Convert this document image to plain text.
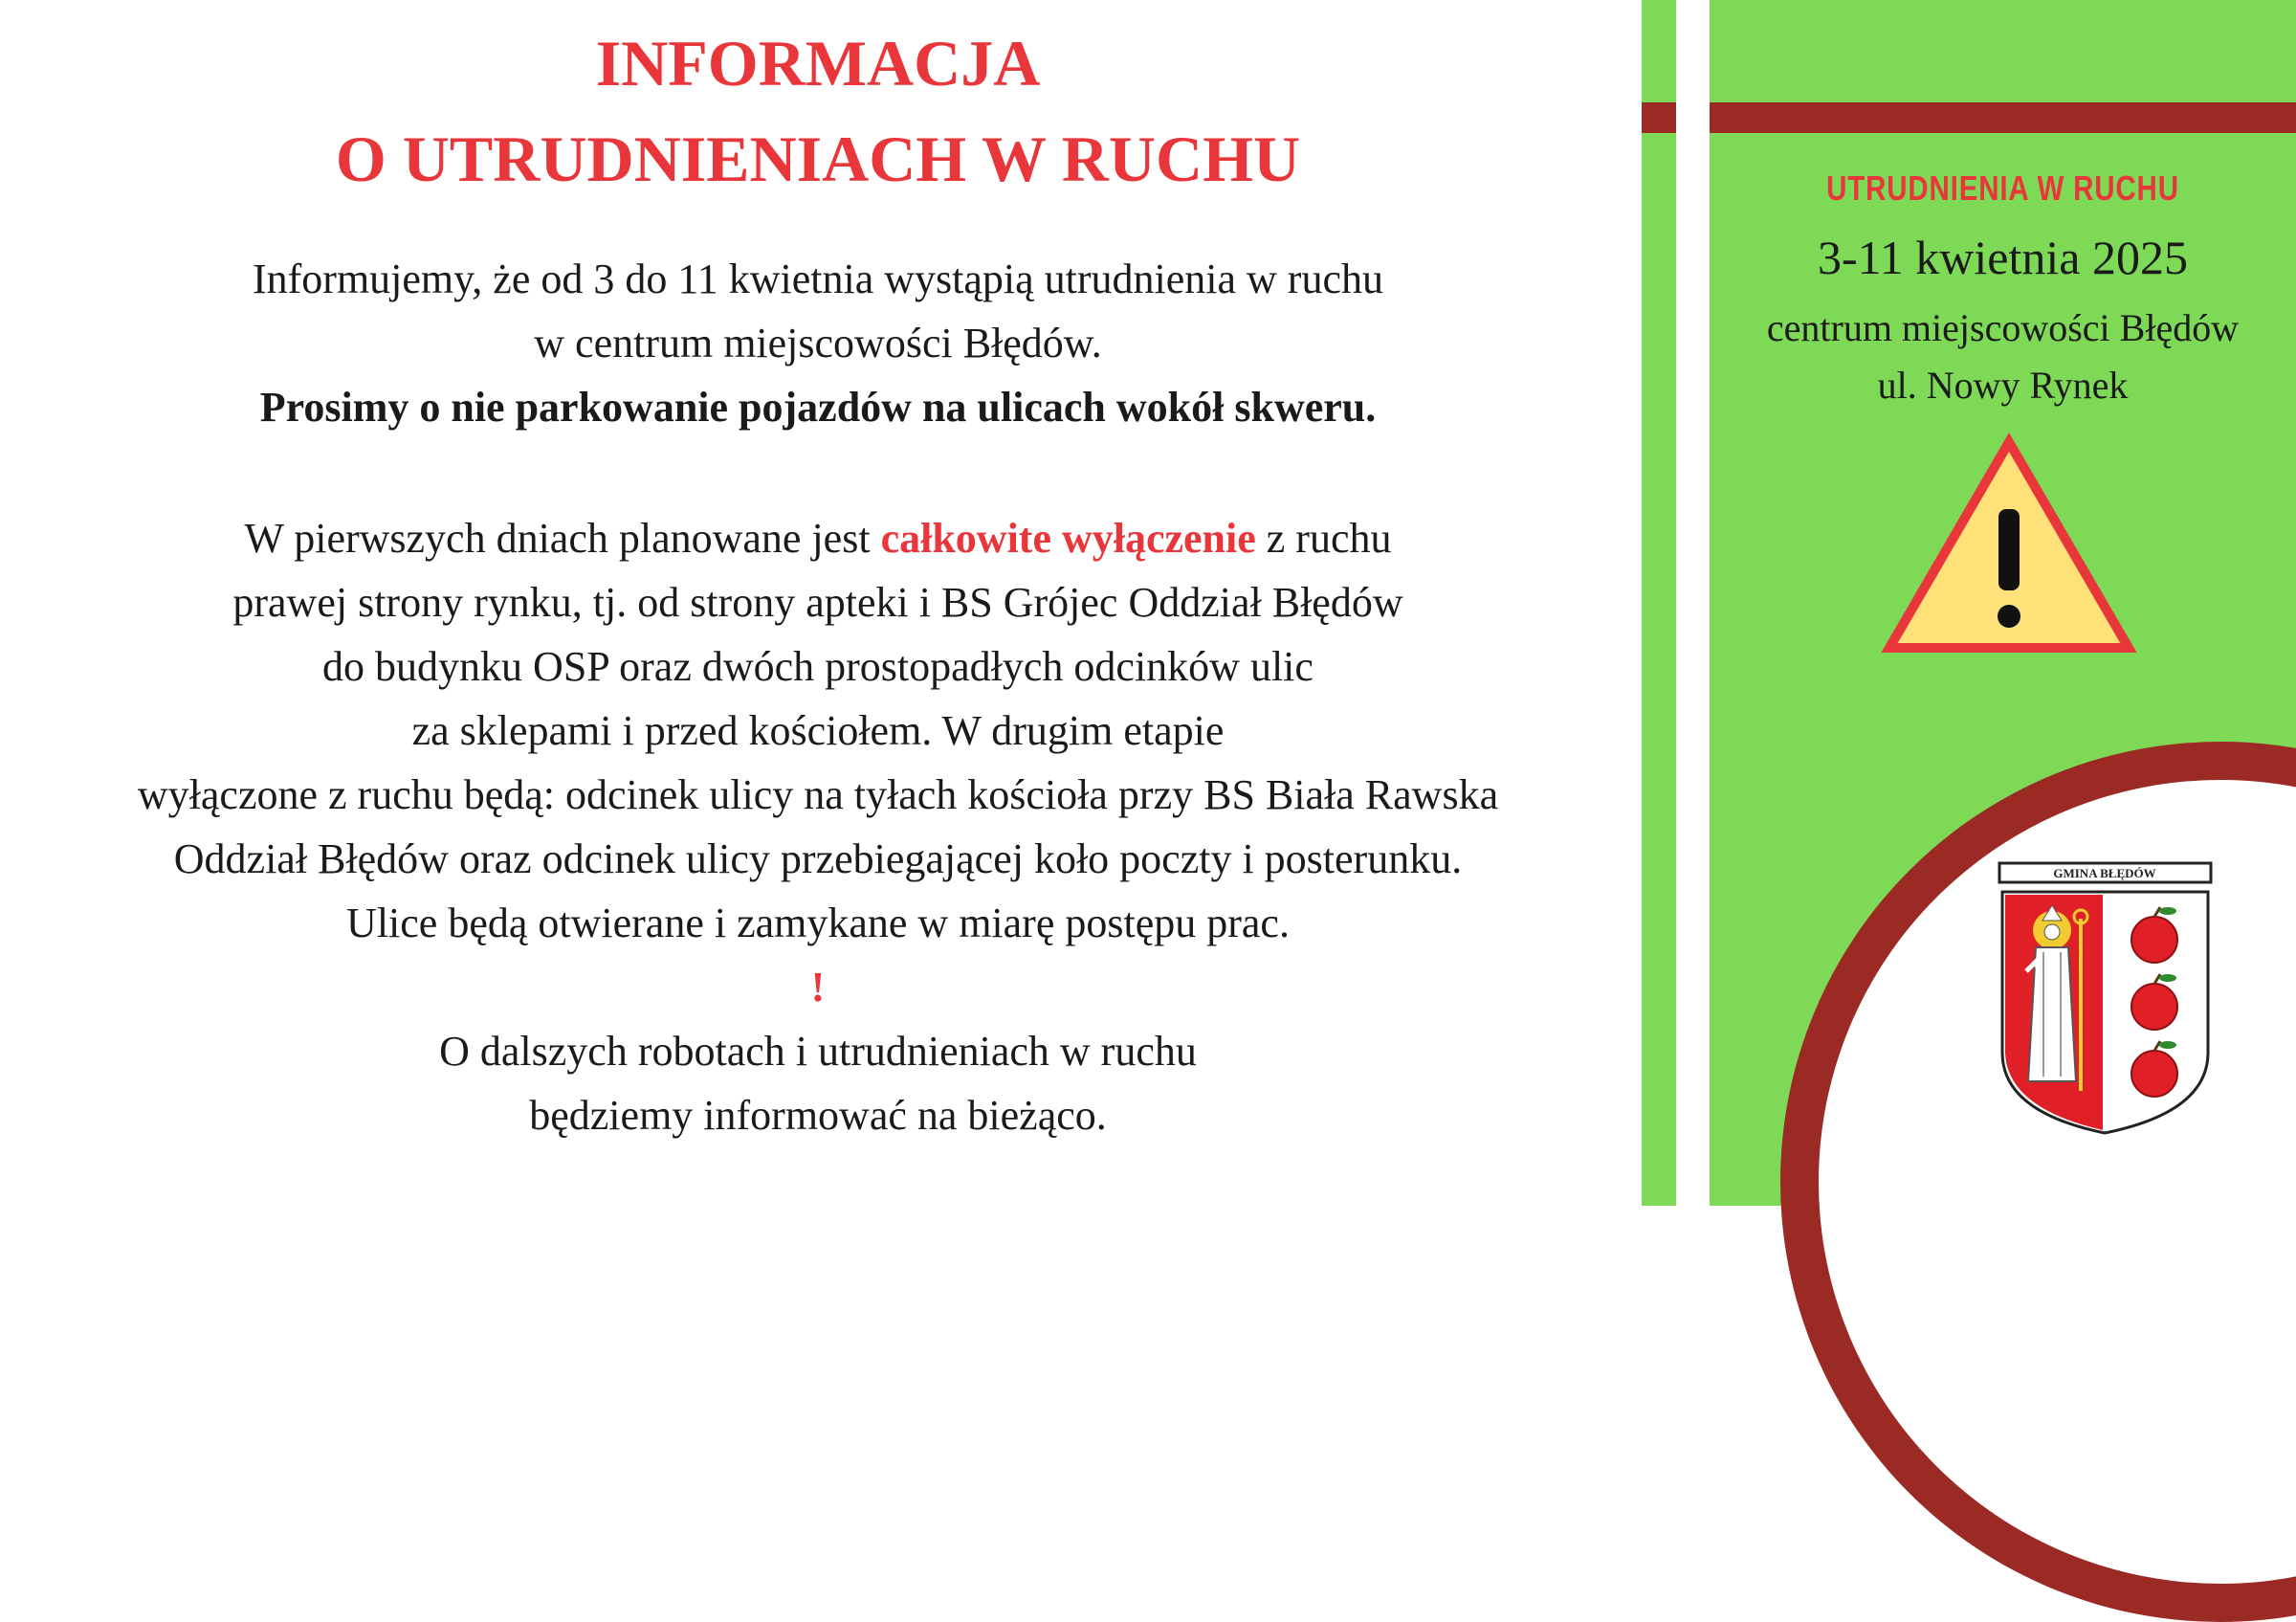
INFORMACJA
O UTRUDNIENIACH W RUCHU
Informujemy, że od 3 do 11 kwietnia wystąpią utrudnienia w ruchu
w centrum miejscowości Błędów.
Prosimy o nie parkowanie pojazdów na ulicach wokół skweru.
W pierwszych dniach planowane jest całkowite wyłączenie z ruchu
prawej strony rynku, tj. od strony apteki i BS Grójec Oddział Błędów
do budynku OSP oraz dwóch prostopadłych odcinków ulic
za sklepami i przed kościołem. W drugim etapie
wyłączone z ruchu będą: odcinek ulicy na tyłach kościoła przy BS Biała Rawska
Oddział Błędów oraz odcinek ulicy przebiegającej koło poczty i posterunku.
Ulice będą otwierane i zamykane w miarę postępu prac.
!
O dalszych robotach i utrudnieniach w ruchu
będziemy informować na bieżąco.
UTRUDNIENIA W RUCHU
3-11 kwietnia 2025
centrum miejscowości Błędów
ul. Nowy Rynek
GMINA BŁĘDÓW
